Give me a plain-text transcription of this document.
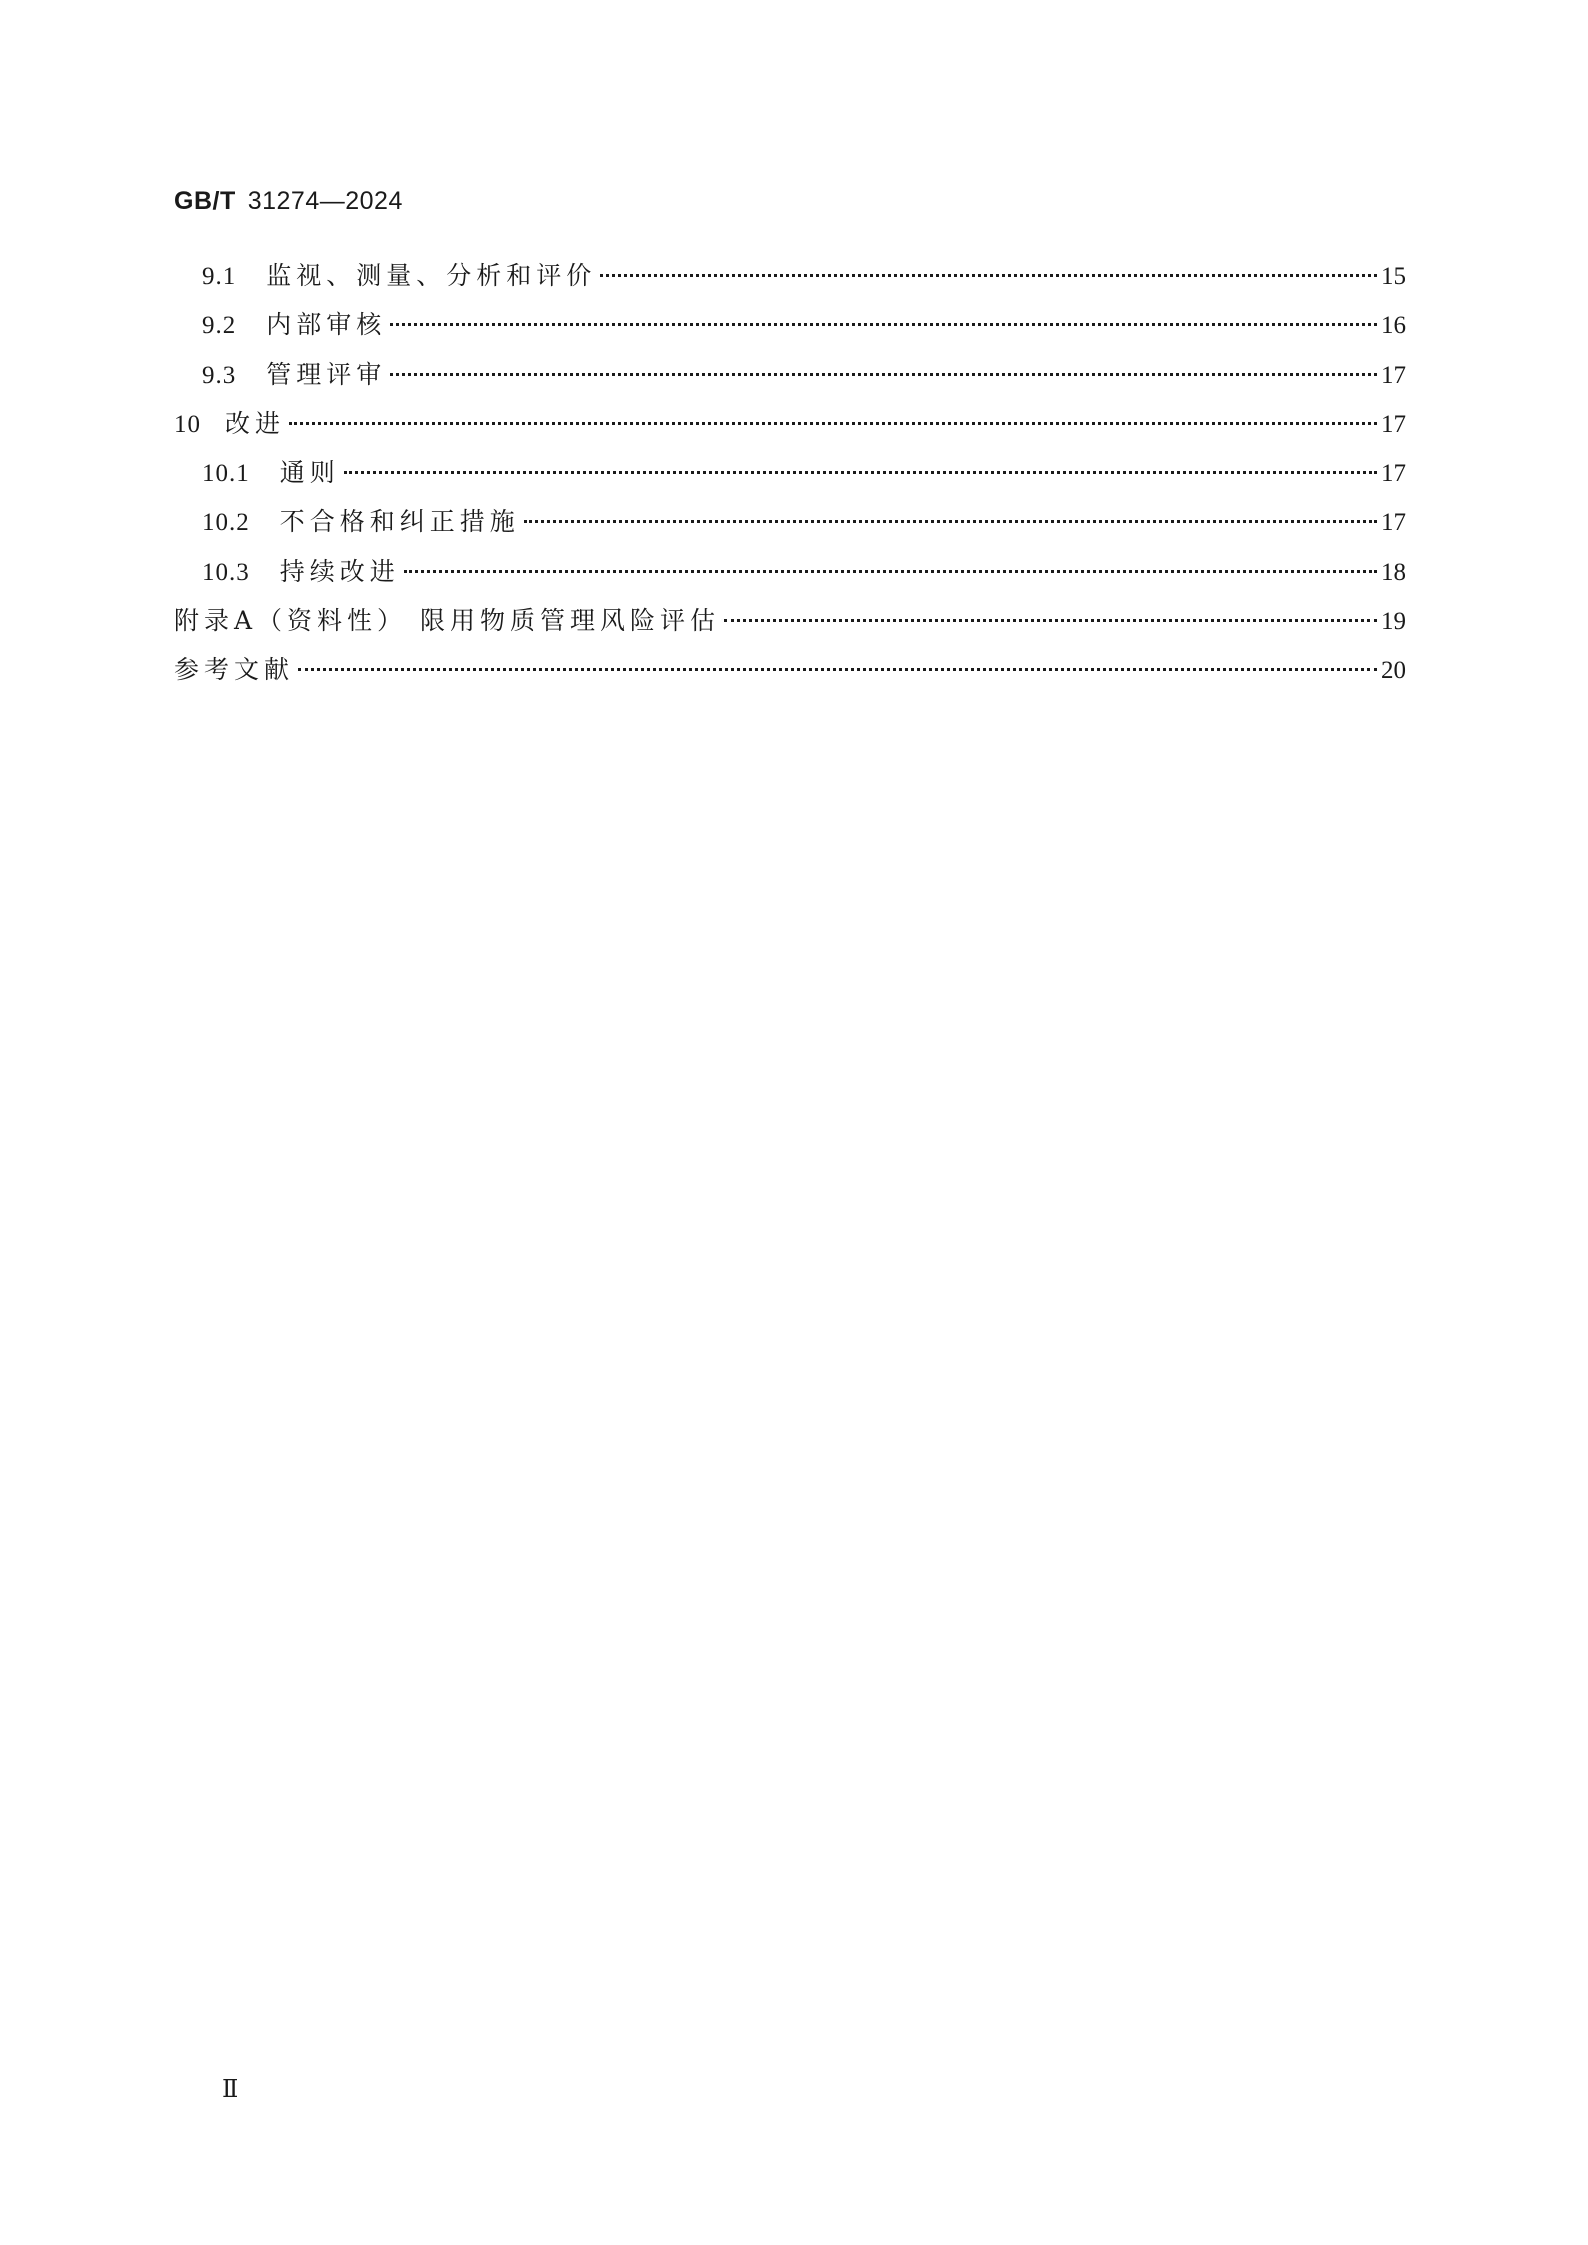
GB/T 31274—2024
9.1 监视、测量、分析和评价	15
9.2 内部审核	16
9.3 管理评审	17
10 改进	17
10.1 通则	17
10.2 不合格和纠正措施	17
10.3 持续改进	18
附录A（资料性） 限用物质管理风险评估	19
参考文献	20
Ⅱ
